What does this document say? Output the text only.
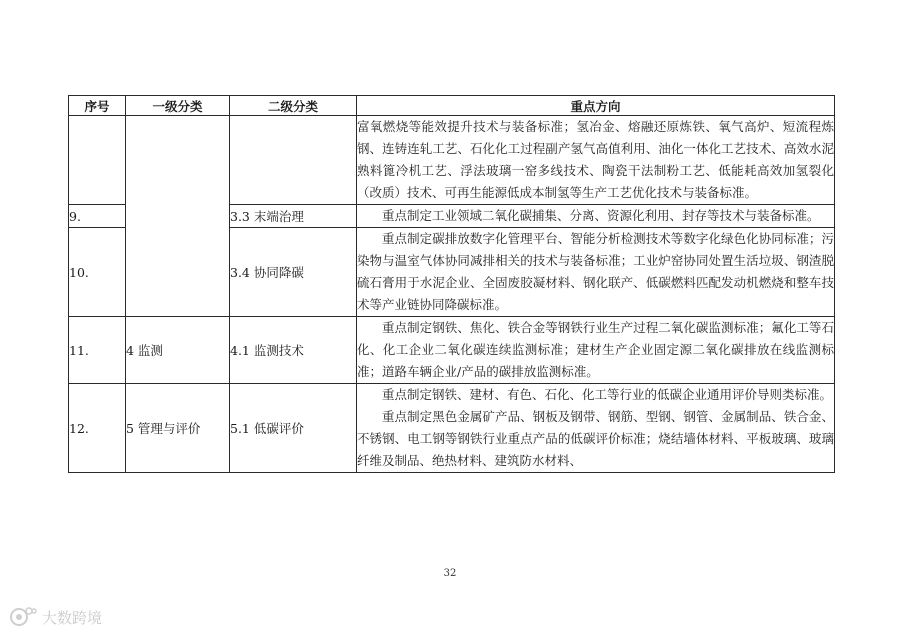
序号	一级分类	二级分类	重点方向

			富氧燃烧等能效提升技术与装备标准；氢冶金、熔融还原炼铁、氧气高炉、短流程炼钢、连铸连轧工艺、石化化工过程副产氢气高值利用、油化一体化工艺技术、高效水泥熟料篦冷机工艺、浮法玻璃一窑多线技术、陶瓷干法制粉工艺、低能耗高效加氢裂化（改质）技术、可再生能源低成本制氢等生产工艺优化技术与装备标准。

9.		3.3 末端治理	重点制定工业领域二氧化碳捕集、分离、资源化利用、封存等技术与装备标准。

10.		3.4 协同降碳	重点制定碳排放数字化管理平台、智能分析检测技术等数字化绿色化协同标准；污染物与温室气体协同减排相关的技术与装备标准；工业炉窑协同处置生活垃圾、钢渣脱硫石膏用于水泥企业、全固废胶凝材料、钢化联产、低碳燃料匹配发动机燃烧和整车技术等产业链协同降碳标准。

11.	4 监测	4.1 监测技术	重点制定钢铁、焦化、铁合金等钢铁行业生产过程二氧化碳监测标准；氟化工等石化、化工企业二氧化碳连续监测标准；建材生产企业固定源二氧化碳排放在线监测标准；道路车辆企业/产品的碳排放监测标准。

12.	5 管理与评价	5.1 低碳评价	重点制定钢铁、建材、有色、石化、化工等行业的低碳企业通用评价导则类标准。
重点制定黑色金属矿产品、钢板及钢带、钢筋、型钢、钢管、金属制品、铁合金、不锈钢、电工钢等钢铁行业重点产品的低碳评价标准；烧结墙体材料、平板玻璃、玻璃纤维及制品、绝热材料、建筑防水材料、
32
大数跨境
